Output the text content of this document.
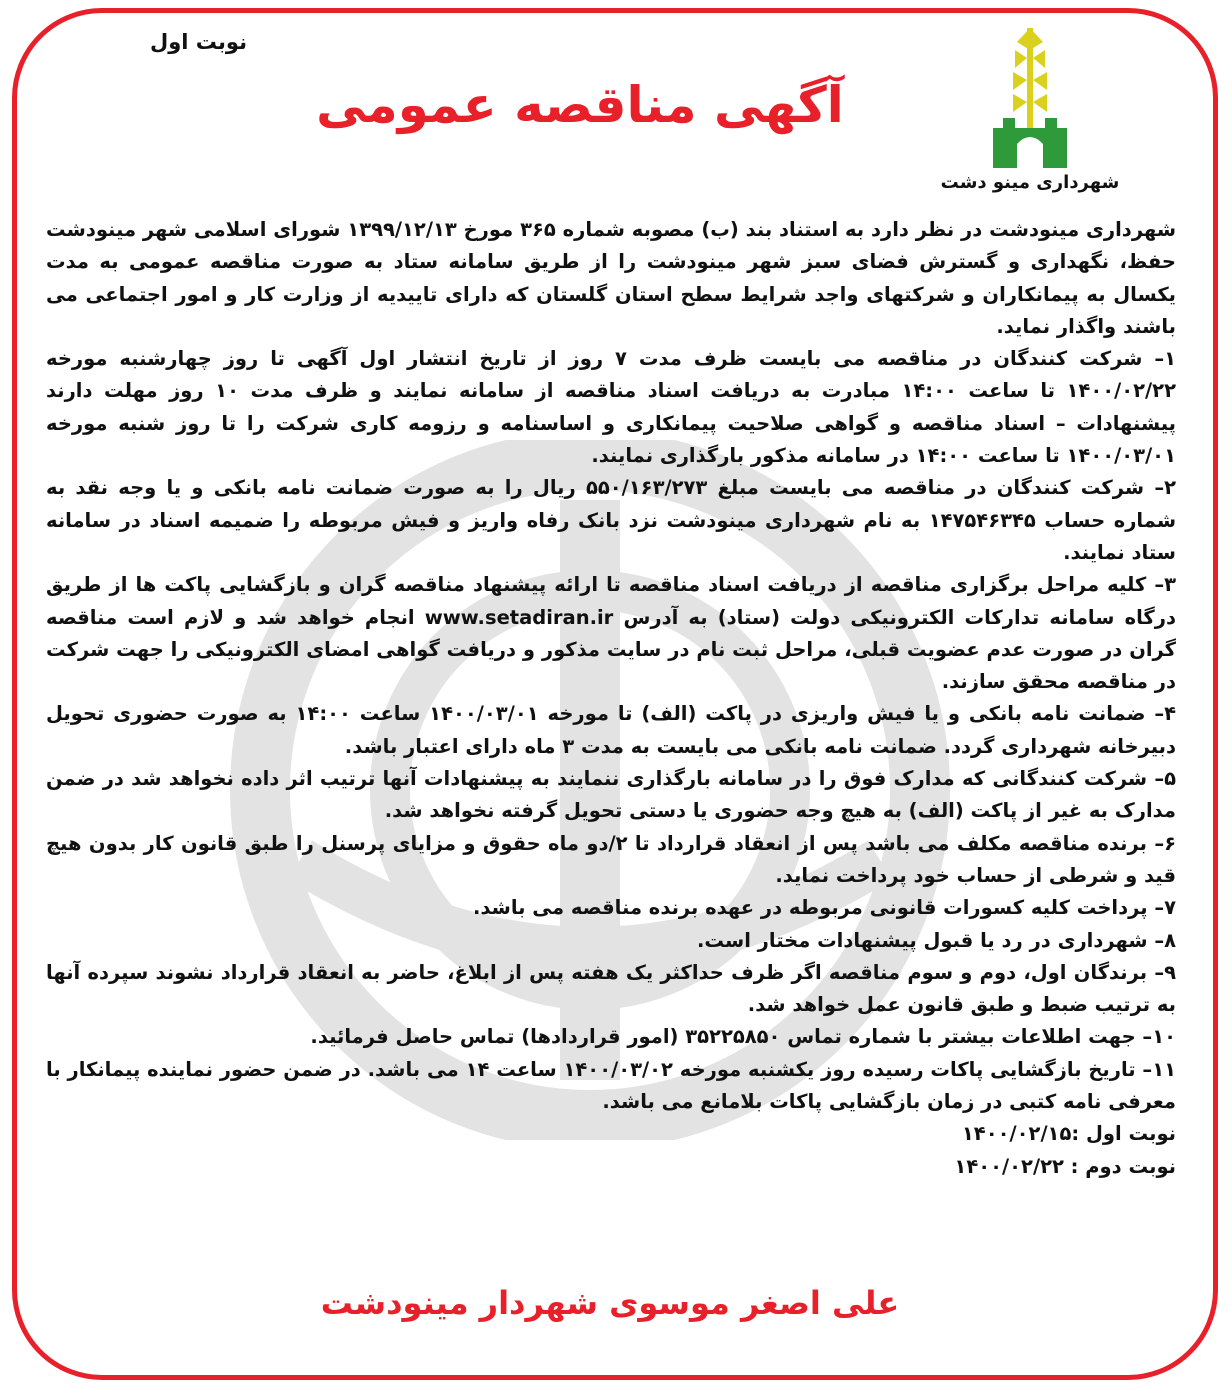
نوبت اول
شهرداری مینو دشت
آگهی مناقصه عمومی

شهرداری مینودشت در نظر دارد به استناد بند (ب) مصوبه شماره ۳۶۵ مورخ ۱۳۹۹/۱۲/۱۳ شورای اسلامی شهر مینودشت حفظ، نگهداری و گسترش فضای سبز شهر مینودشت را از طریق سامانه ستاد به صورت مناقصه عمومی به مدت یکسال به پیمانکاران و شرکتهای واجد شرایط سطح استان گلستان که دارای تاییدیه از وزارت کار و امور اجتماعی می باشند واگذار نماید.

۱– شرکت کنندگان در مناقصه می بایست ظرف مدت ۷ روز از تاریخ انتشار اول آگهی تا روز چهارشنبه مورخه ۱۴۰۰/۰۲/۲۲ تا ساعت ۱۴:۰۰ مبادرت به دریافت اسناد مناقصه از سامانه نمایند و ظرف مدت ۱۰ روز مهلت دارند پیشنهادات – اسناد مناقصه و گواهی صلاحیت پیمانکاری و اساسنامه و رزومه کاری شرکت را تا روز شنبه مورخه ۱۴۰۰/۰۳/۰۱ تا ساعت ۱۴:۰۰ در سامانه مذکور بارگذاری نمایند.

۲– شرکت کنندگان در مناقصه می بایست مبلغ ۵۵۰/۱۶۳/۲۷۳ ریال را به صورت ضمانت نامه بانکی و یا وجه نقد به شماره حساب ۱۴۷۵۴۶۳۴۵ به نام شهرداری مینودشت نزد بانک رفاه واریز و فیش مربوطه را ضمیمه اسناد در سامانه ستاد نمایند.

۳– کلیه مراحل برگزاری مناقصه از دریافت اسناد مناقصه تا ارائه پیشنهاد مناقصه گران و بازگشایی پاکت ها از طریق درگاه سامانه تدارکات الکترونیکی دولت (ستاد) به آدرس www.setadiran.ir انجام خواهد شد و لازم است مناقصه گران در صورت عدم عضویت قبلی، مراحل ثبت نام در سایت مذکور و دریافت گواهی امضای الکترونیکی را جهت شرکت در مناقصه محقق سازند.

۴– ضمانت نامه بانکی و یا فیش واریزی در پاکت (الف) تا مورخه ۱۴۰۰/۰۳/۰۱ ساعت ۱۴:۰۰ به صورت حضوری تحویل دبیرخانه شهرداری گردد. ضمانت نامه بانکی می بایست به مدت ۳ ماه دارای اعتبار باشد.

۵– شرکت کنندگانی که مدارک فوق را در سامانه بارگذاری ننمایند به پیشنهادات آنها ترتیب اثر داده نخواهد شد در ضمن مدارک به غیر از پاکت (الف) به هیچ وجه حضوری یا دستی تحویل گرفته نخواهد شد.

۶– برنده مناقصه مکلف می باشد پس از انعقاد قرارداد تا ۲/دو ماه حقوق و مزایای پرسنل را طبق قانون کار بدون هیچ قید و شرطی از حساب خود پرداخت نماید.

۷– پرداخت کلیه کسورات قانونی مربوطه در عهده برنده مناقصه می باشد.

۸– شهرداری در رد یا قبول پیشنهادات مختار است.

۹– برندگان اول، دوم و سوم مناقصه اگر ظرف حداکثر یک هفته پس از ابلاغ، حاضر به انعقاد قرارداد نشوند سپرده آنها به ترتیب ضبط و طبق قانون عمل خواهد شد.

۱۰– جهت اطلاعات بیشتر با شماره تماس ۳۵۲۲۵۸۵۰ (امور قراردادها) تماس حاصل فرمائید.

۱۱– تاریخ بازگشایی پاکات رسیده روز یکشنبه مورخه ۱۴۰۰/۰۳/۰۲ ساعت ۱۴ می باشد. در ضمن حضور نماینده پیمانکار با معرفی نامه کتبی در زمان بازگشایی پاکات بلامانع می باشد.

نوبت اول :۱۴۰۰/۰۲/۱۵

نوبت دوم : ۱۴۰۰/۰۲/۲۲

علی اصغر موسوی شهردار مینودشت
